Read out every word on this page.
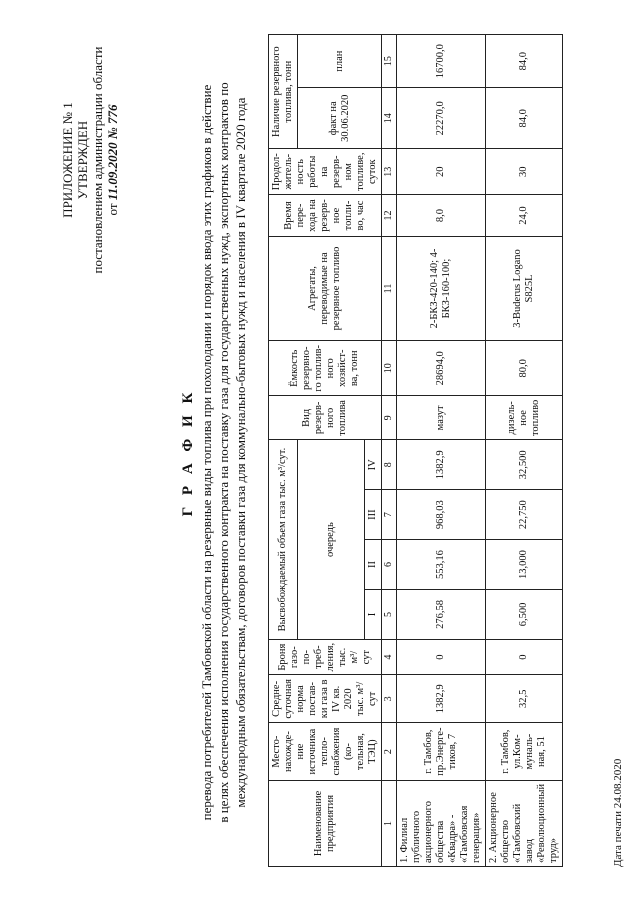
ПРИЛОЖЕНИЕ № 1 УТВЕРЖДЕН постановлением администрации области от 11.09.2020 № 776
Г Р А Ф И К перевода потребителей Тамбовской области на резервные виды топлива при похолодании и порядок ввода этих графиков в действие в целях обеспечения исполнения государственного контракта на поставку газа для государственных нужд, экспортных контрактов по международным обязательствам, договоров поставки газа для коммунально-бытовых нужд и населения в IV квартале 2020 года

Наименование предприятия	Место-нахожде-ние источника тепло-снабжения (ко-тельная, ТЭЦ)	Средне-суточная норма постав-ки газа в IV кв. 2020 тыс. м³/сут	Броня газо-по-треб-ления, тыс. м³/ сут	Высвобождаемый объем газа тыс. м³/сут.				Вид резерв-ного топлива	Ёмкость резервно-го топлив-ного хозяйст-ва, тонн	Агрегаты, переводимые на резервное топливо	Время пере-хода на резерв-ное топли-во, час	Продол-житель-ность работы на резерв-ном топливе, суток	Наличие резервного топлива, тонн	
				очередь									факт на 30.06.2020	план
				I	II	III	IV							
1	2	3	4	5	6	7	8	9	10	11	12	13	14	15
1. Филиал публичного акционерного общества «Квадра» - «Тамбовская генерация»	г. Тамбов, пр.Энерге-тиков, 7	1382,9	0	276,58	553,16	968,03	1382,9	мазут	28694,0	2-БКЗ-420-140; 4-БКЗ-160-100;	8,0	20	22270,0	16700,0
2. Акционерное общество «Тамбовский завод «Революционный труд»	г. Тамбов, ул.Ком-муналь-ная, 51	32,5	0	6,500	13,000	22,750	32,500	дизель-ное топливо	80,0	3-Buderus Logano S825L	24,0	30	84,0	84,0
Дата печати 24.08.2020
